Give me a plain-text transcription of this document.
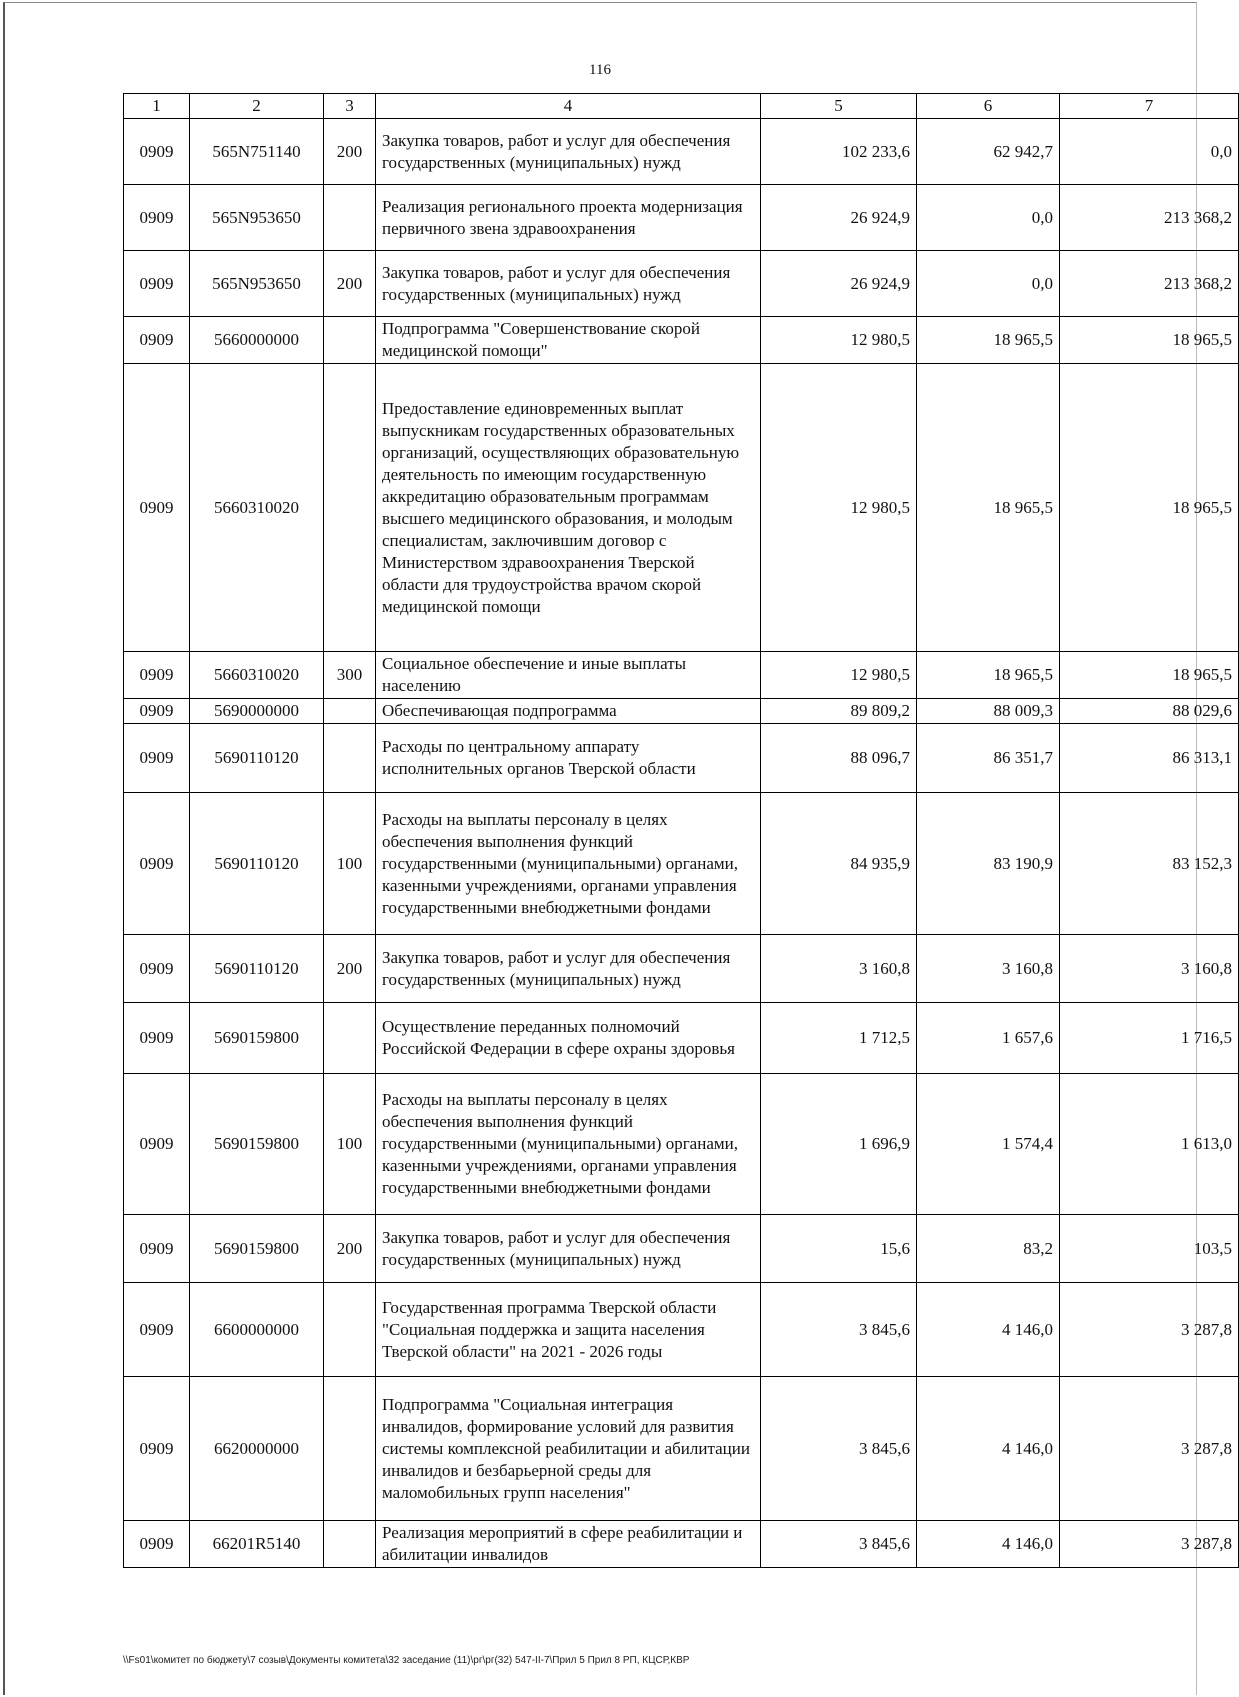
116
1	2	3	4	5	6	7
0909	565N751140	200	Закупка товаров, работ и услуг для обеспечения государственных (муниципальных) нужд	102 233,6	62 942,7	0,0
0909	565N953650		Реализация регионального проекта модернизация первичного звена здравоохранения	26 924,9	0,0	213 368,2
0909	565N953650	200	Закупка товаров, работ и услуг для обеспечения государственных (муниципальных) нужд	26 924,9	0,0	213 368,2
0909	5660000000		Подпрограмма "Совершенствование скорой медицинской помощи"	12 980,5	18 965,5	18 965,5
0909	5660310020		Предоставление единовременных выплат выпускникам государственных образовательных организаций, осуществляющих образовательную деятельность по имеющим государственную аккредитацию образовательным программам высшего медицинского образования, и молодым специалистам, заключившим договор с Министерством здравоохранения Тверской области для трудоустройства врачом скорой медицинской помощи	12 980,5	18 965,5	18 965,5
0909	5660310020	300	Социальное обеспечение и иные выплаты населению	12 980,5	18 965,5	18 965,5
0909	5690000000		Обеспечивающая подпрограмма	89 809,2	88 009,3	88 029,6
0909	5690110120		Расходы по центральному аппарату исполнительных органов Тверской области	88 096,7	86 351,7	86 313,1
0909	5690110120	100	Расходы на выплаты персоналу в целях обеспечения выполнения функций государственными (муниципальными) органами, казенными учреждениями, органами управления государственными внебюджетными фондами	84 935,9	83 190,9	83 152,3
0909	5690110120	200	Закупка товаров, работ и услуг для обеспечения государственных (муниципальных) нужд	3 160,8	3 160,8	3 160,8
0909	5690159800		Осуществление переданных полномочий Российской Федерации в сфере охраны здоровья	1 712,5	1 657,6	1 716,5
0909	5690159800	100	Расходы на выплаты персоналу в целях обеспечения выполнения функций государственными (муниципальными) органами, казенными учреждениями, органами управления государственными внебюджетными фондами	1 696,9	1 574,4	1 613,0
0909	5690159800	200	Закупка товаров, работ и услуг для обеспечения государственных (муниципальных) нужд	15,6	83,2	103,5
0909	6600000000		Государственная программа Тверской области "Социальная поддержка и защита населения Тверской области" на 2021 - 2026 годы	3 845,6	4 146,0	3 287,8
0909	6620000000		Подпрограмма "Социальная интеграция инвалидов, формирование условий для развития системы комплексной реабилитации и абилитации инвалидов и безбарьерной среды для маломобильных групп населения"	3 845,6	4 146,0	3 287,8
0909	66201R5140		Реализация мероприятий в сфере реабилитации и абилитации инвалидов	3 845,6	4 146,0	3 287,8
\\Fs01\комитет по бюджету\7 созыв\Документы комитета\32 заседание (11)\рг\рг(32) 547-II-7\Прил 5 Прил 8 РП, КЦСР,КВР
